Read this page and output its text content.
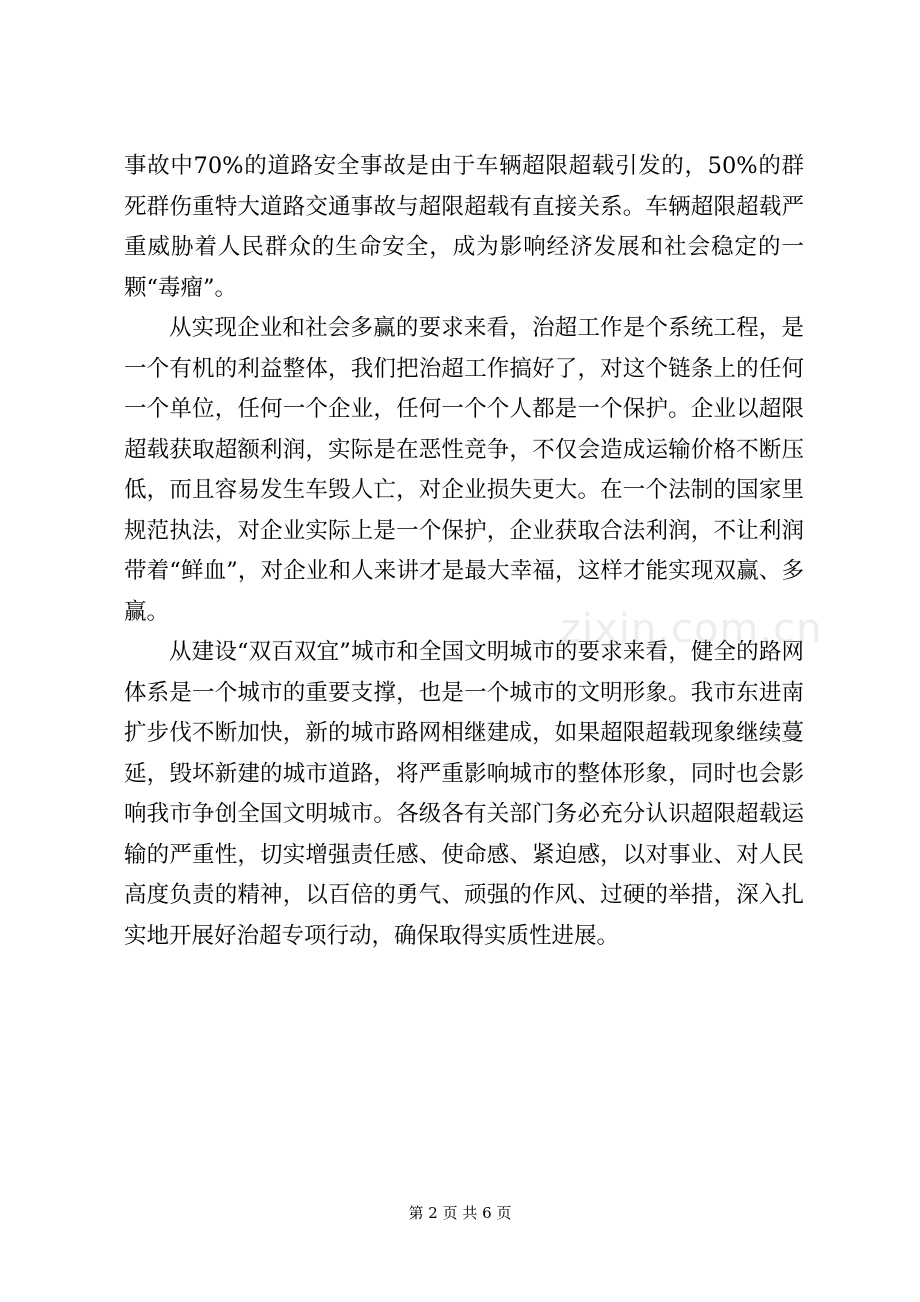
事故中70%的道路安全事故是由于车辆超限超载引发的，50%的群死群伤重特大道路交通事故与超限超载有直接关系。车辆超限超载严重威胁着人民群众的生命安全，成为影响经济发展和社会稳定的一颗“毒瘤”。

从实现企业和社会多赢的要求来看，治超工作是个系统工程，是一个有机的利益整体，我们把治超工作搞好了，对这个链条上的任何一个单位，任何一个企业，任何一个个人都是一个保护。企业以超限超载获取超额利润，实际是在恶性竞争，不仅会造成运输价格不断压低，而且容易发生车毁人亡，对企业损失更大。在一个法制的国家里规范执法，对企业实际上是一个保护，企业获取合法利润，不让利润带着“鲜血”，对企业和人来讲才是最大幸福，这样才能实现双赢、多赢。

从建设“双百双宜”城市和全国文明城市的要求来看，健全的路网体系是一个城市的重要支撑，也是一个城市的文明形象。我市东进南扩步伐不断加快，新的城市路网相继建成，如果超限超载现象继续蔓延，毁坏新建的城市道路，将严重影响城市的整体形象，同时也会影响我市争创全国文明城市。各级各有关部门务必充分认识超限超载运输的严重性，切实增强责任感、使命感、紧迫感，以对事业、对人民高度负责的精神，以百倍的勇气、顽强的作风、过硬的举措，深入扎实地开展好治超专项行动，确保取得实质性进展。

zixin.com.cn
第 2 页 共 6 页
